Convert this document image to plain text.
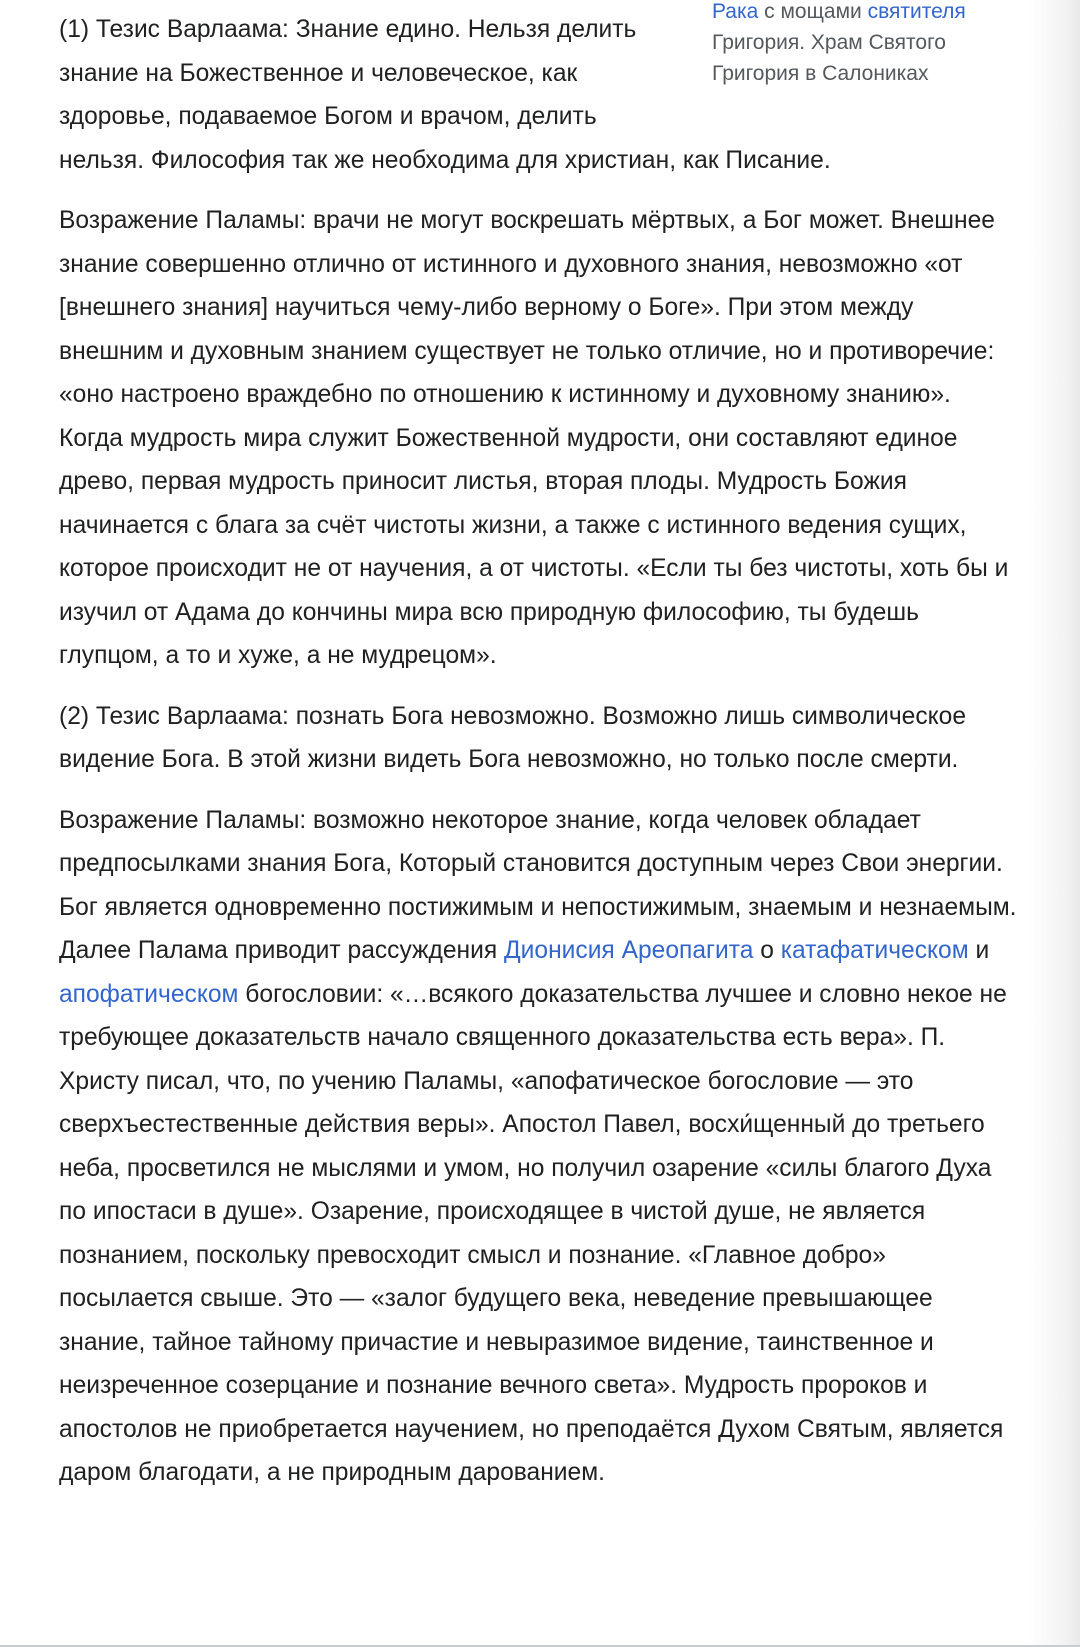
Рака с мощами святителя Григория. Храм Святого Григория в Салониках

(1) Тезис Варлаама: Знание едино. Нельзя делить знание на Божественное и человеческое, как здоровье, подаваемое Богом и врачом, делить нельзя. Философия так же необходима для христиан, как Писание.

Возражение Паламы: врачи не могут воскрешать мёртвых, а Бог может. Внешнее знание совершенно отлично от истинного и духовного знания, невозможно «от [внешнего знания] научиться чему-либо верному о Боге». При этом между внешним и духовным знанием существует не только отличие, но и противоречие: «оно настроено враждебно по отношению к истинному и духовному знанию». Когда мудрость мира служит Божественной мудрости, они составляют единое древо, первая мудрость приносит листья, вторая плоды. Мудрость Божия начинается с блага за счёт чистоты жизни, а также с истинного ведения сущих, которое происходит не от научения, а от чистоты. «Если ты без чистоты, хоть бы и изучил от Адама до кончины мира всю природную философию, ты будешь глупцом, а то и хуже, а не мудрецом».

(2) Тезис Варлаама: познать Бога невозможно. Возможно лишь символическое видение Бога. В этой жизни видеть Бога невозможно, но только после смерти.

Возражение Паламы: возможно некоторое знание, когда человек обладает предпосылками знания Бога, Который становится доступным через Свои энергии. Бог является одновременно постижимым и непостижимым, знаемым и незнаемым. Далее Палама приводит рассуждения Дионисия Ареопагита о катафатическом и апофатическом богословии: «…всякого доказательства лучшее и словно некое не требующее доказательств начало священного доказательства есть вера». П. Христу писал, что, по учению Паламы, «апофатическое богословие — это сверхъестественные действия веры». Апостол Павел, восхи́щенный до третьего неба, просветился не мыслями и умом, но получил озарение «силы благого Духа по ипостаси в душе». Озарение, происходящее в чистой душе, не является познанием, поскольку превосходит смысл и познание. «Главное добро» посылается свыше. Это — «залог будущего века, неведение превышающее знание, тайное тайному причастие и невыразимое видение, таинственное и неизреченное созерцание и познание вечного света». Мудрость пророков и апостолов не приобретается научением, но преподаётся Духом Святым, является даром благодати, а не природным дарованием.
